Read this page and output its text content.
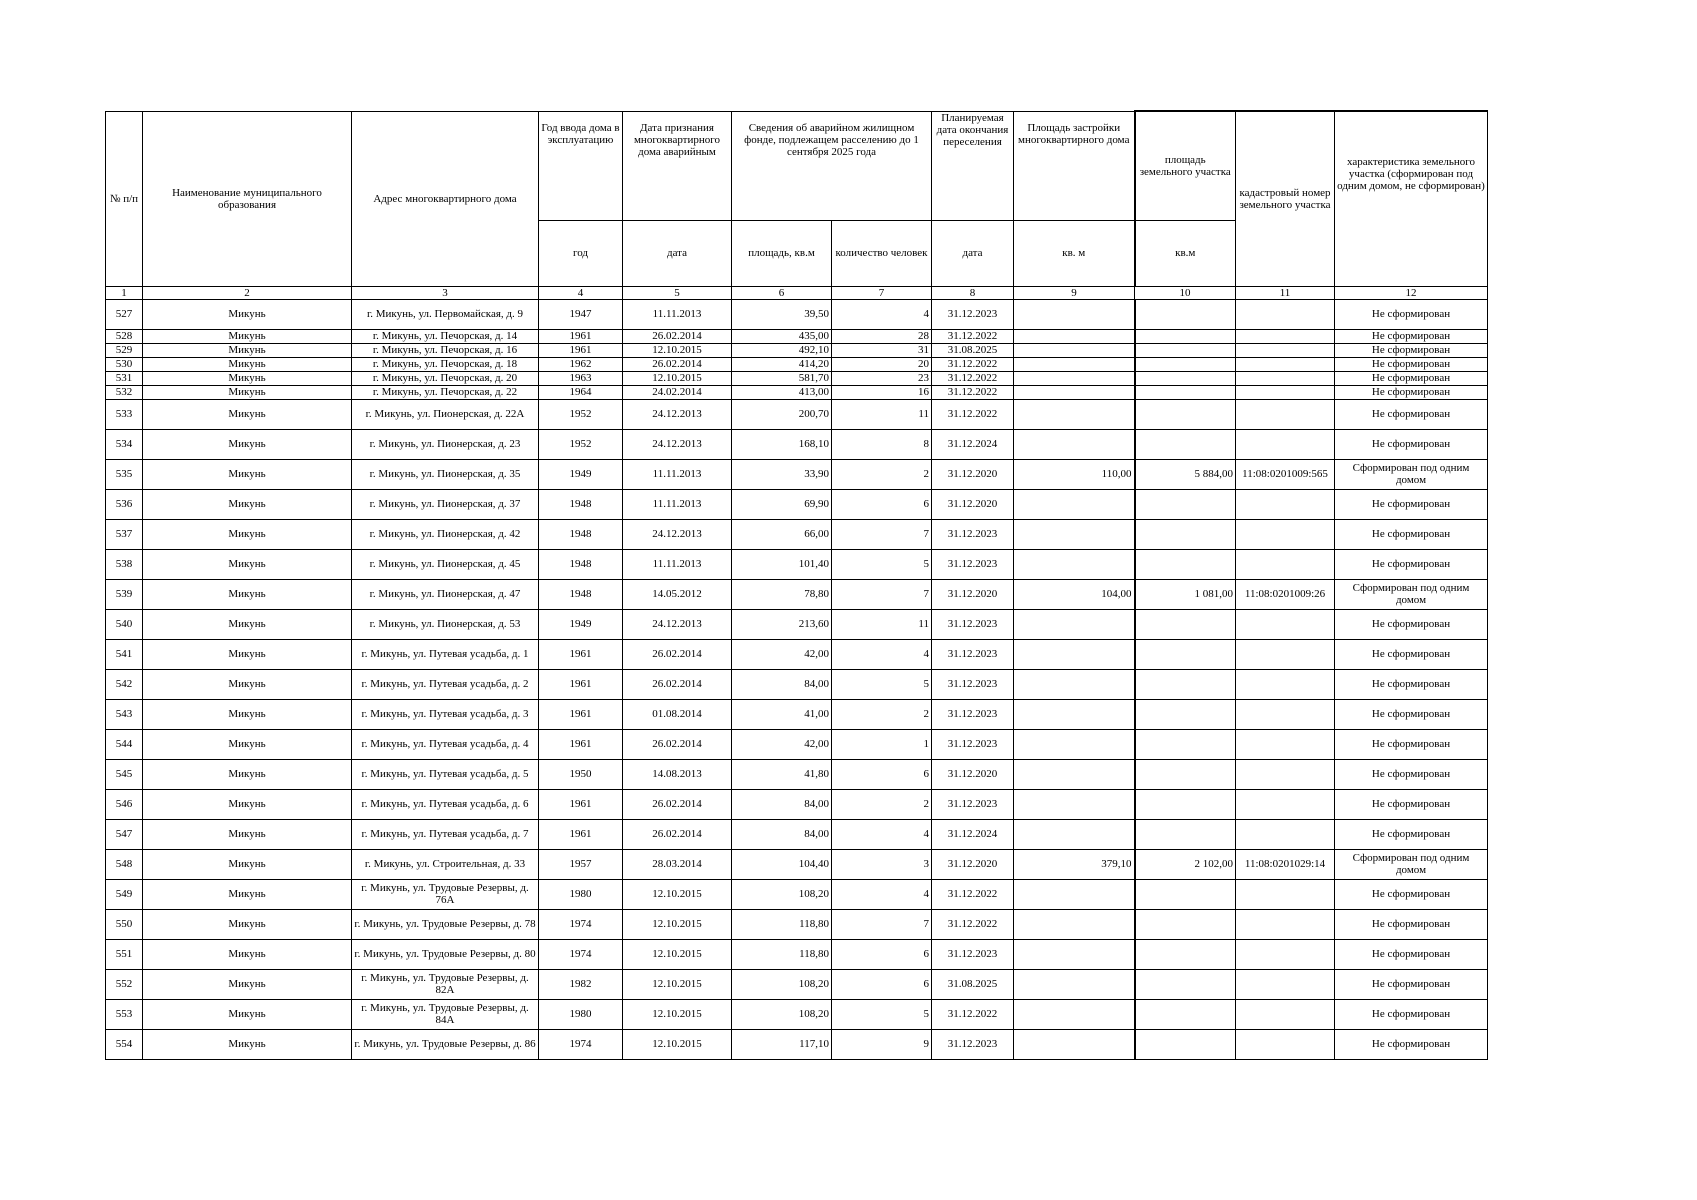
№ п/п	Наименование муниципального образования	Адрес многоквартирного дома	Год ввода дома в эксплуатацию	Дата признания многоквартирного дома аварийным	Сведения об аварийном жилищном фонде, подлежащем расселению до 1 сентября 2025 года		Планируемая дата окончания переселения	Площадь застройки многоквартирного дома	площадь земельного участка	кадастровый номер земельного участка	характеристика земельного участка (сформирован под одним домом, не сформирован)
			год	дата	площадь, кв.м	количество человек	дата	кв. м	кв.м		
1	2	3	4	5	6	7	8	9	10	11	12
527	Микунь	г. Микунь, ул. Первомайская, д. 9	1947	11.11.2013	39,50	4	31.12.2023				Не сформирован
528	Микунь	г. Микунь, ул. Печорская, д. 14	1961	26.02.2014	435,00	28	31.12.2022				Не сформирован
529	Микунь	г. Микунь, ул. Печорская, д. 16	1961	12.10.2015	492,10	31	31.08.2025				Не сформирован
530	Микунь	г. Микунь, ул. Печорская, д. 18	1962	26.02.2014	414,20	20	31.12.2022				Не сформирован
531	Микунь	г. Микунь, ул. Печорская, д. 20	1963	12.10.2015	581,70	23	31.12.2022				Не сформирован
532	Микунь	г. Микунь, ул. Печорская, д. 22	1964	24.02.2014	413,00	16	31.12.2022				Не сформирован
533	Микунь	г. Микунь, ул. Пионерская, д. 22А	1952	24.12.2013	200,70	11	31.12.2022				Не сформирован
534	Микунь	г. Микунь, ул. Пионерская, д. 23	1952	24.12.2013	168,10	8	31.12.2024				Не сформирован
535	Микунь	г. Микунь, ул. Пионерская, д. 35	1949	11.11.2013	33,90	2	31.12.2020	110,00	5 884,00	11:08:0201009:565	Сформирован под одним домом
536	Микунь	г. Микунь, ул. Пионерская, д. 37	1948	11.11.2013	69,90	6	31.12.2020				Не сформирован
537	Микунь	г. Микунь, ул. Пионерская, д. 42	1948	24.12.2013	66,00	7	31.12.2023				Не сформирован
538	Микунь	г. Микунь, ул. Пионерская, д. 45	1948	11.11.2013	101,40	5	31.12.2023				Не сформирован
539	Микунь	г. Микунь, ул. Пионерская, д. 47	1948	14.05.2012	78,80	7	31.12.2020	104,00	1 081,00	11:08:0201009:26	Сформирован под одним домом
540	Микунь	г. Микунь, ул. Пионерская, д. 53	1949	24.12.2013	213,60	11	31.12.2023				Не сформирован
541	Микунь	г. Микунь, ул. Путевая усадьба, д. 1	1961	26.02.2014	42,00	4	31.12.2023				Не сформирован
542	Микунь	г. Микунь, ул. Путевая усадьба, д. 2	1961	26.02.2014	84,00	5	31.12.2023				Не сформирован
543	Микунь	г. Микунь, ул. Путевая усадьба, д. 3	1961	01.08.2014	41,00	2	31.12.2023				Не сформирован
544	Микунь	г. Микунь, ул. Путевая усадьба, д. 4	1961	26.02.2014	42,00	1	31.12.2023				Не сформирован
545	Микунь	г. Микунь, ул. Путевая усадьба, д. 5	1950	14.08.2013	41,80	6	31.12.2020				Не сформирован
546	Микунь	г. Микунь, ул. Путевая усадьба, д. 6	1961	26.02.2014	84,00	2	31.12.2023				Не сформирован
547	Микунь	г. Микунь, ул. Путевая усадьба, д. 7	1961	26.02.2014	84,00	4	31.12.2024				Не сформирован
548	Микунь	г. Микунь, ул. Строительная, д. 33	1957	28.03.2014	104,40	3	31.12.2020	379,10	2 102,00	11:08:0201029:14	Сформирован под одним домом
549	Микунь	г. Микунь, ул. Трудовые Резервы, д. 76А	1980	12.10.2015	108,20	4	31.12.2022				Не сформирован
550	Микунь	г. Микунь, ул. Трудовые Резервы, д. 78	1974	12.10.2015	118,80	7	31.12.2022				Не сформирован
551	Микунь	г. Микунь, ул. Трудовые Резервы, д. 80	1974	12.10.2015	118,80	6	31.12.2023				Не сформирован
552	Микунь	г. Микунь, ул. Трудовые Резервы, д. 82А	1982	12.10.2015	108,20	6	31.08.2025				Не сформирован
553	Микунь	г. Микунь, ул. Трудовые Резервы, д. 84А	1980	12.10.2015	108,20	5	31.12.2022				Не сформирован
554	Микунь	г. Микунь, ул. Трудовые Резервы, д. 86	1974	12.10.2015	117,10	9	31.12.2023				Не сформирован
